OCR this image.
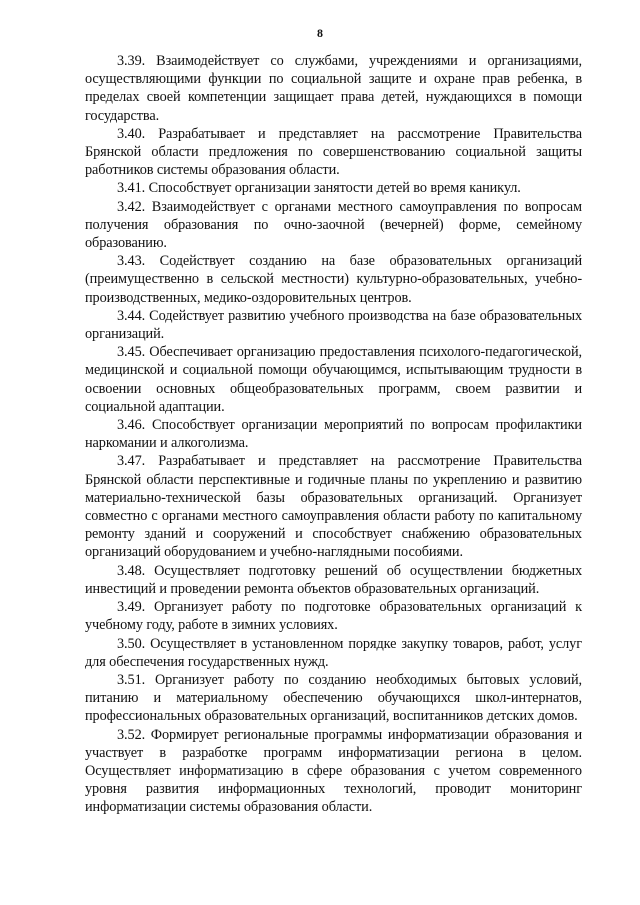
8

3.39. Взаимодействует со службами, учреждениями и организациями, осуществляющими функции по социальной защите и охране прав ребенка, в пределах своей компетенции защищает права детей, нуждающихся в помощи государства.

3.40. Разрабатывает и представляет на рассмотрение Правительства Брянской области предложения по совершенствованию социальной защиты работников системы образования области.

3.41. Способствует организации занятости детей во время каникул.

3.42. Взаимодействует с органами местного самоуправления по вопросам получения образования по очно-заочной (вечерней) форме, семейному образованию.

3.43. Содействует созданию на базе образовательных организаций (преимущественно в сельской местности) культурно-образовательных, учебно-производственных, медико-оздоровительных центров.

3.44. Содействует развитию учебного производства на базе образовательных организаций.

3.45. Обеспечивает организацию предоставления психолого-педагогической, медицинской и социальной помощи обучающимся, испытывающим трудности в освоении основных общеобразовательных программ, своем развитии и социальной адаптации.

3.46. Способствует организации мероприятий по вопросам профилактики наркомании и алкоголизма.

3.47. Разрабатывает и представляет на рассмотрение Правительства Брянской области перспективные и годичные планы по укреплению и развитию материально-технической базы образовательных организаций. Организует совместно с органами местного самоуправления области работу по капитальному ремонту зданий и сооружений и способствует снабжению образовательных организаций оборудованием и учебно-наглядными пособиями.

3.48. Осуществляет подготовку решений об осуществлении бюджетных инвестиций и проведении ремонта объектов образовательных организаций.

3.49. Организует работу по подготовке образовательных организаций к учебному году, работе в зимних условиях.

3.50. Осуществляет в установленном порядке закупку товаров, работ, услуг для обеспечения государственных нужд.

3.51. Организует работу по созданию необходимых бытовых условий, питанию и материальному обеспечению обучающихся школ-интернатов, профессиональных образовательных организаций, воспитанников детских домов.

3.52. Формирует региональные программы информатизации образования и участвует в разработке программ информатизации региона в целом. Осуществляет информатизацию в сфере образования с учетом современного уровня развития информационных технологий, проводит мониторинг информатизации системы образования области.
